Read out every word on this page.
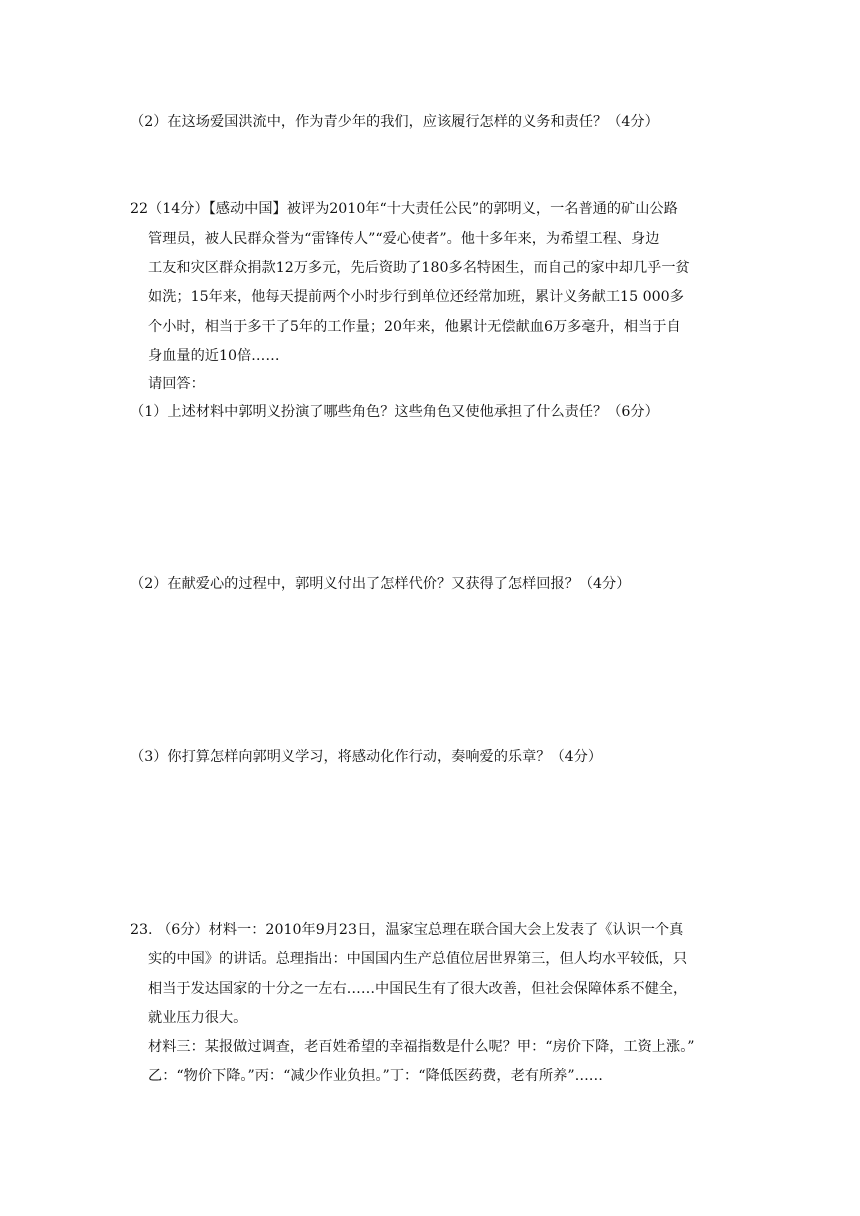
（2）在这场爱国洪流中，作为青少年的我们，应该履行怎样的义务和责任？（4分）
22（14分）【感动中国】被评为2010年“十大责任公民”的郭明义，一名普通的矿山公路
管理员，被人民群众誉为“雷锋传人”“爱心使者”。他十多年来，为希望工程、身边
工友和灾区群众捐款12万多元，先后资助了180多名特困生，而自己的家中却几乎一贫
如洗；15年来，他每天提前两个小时步行到单位还经常加班，累计义务献工15 000多
个小时，相当于多干了5年的工作量；20年来，他累计无偿献血6万多毫升，相当于自
身血量的近10倍……
请回答：
（1）上述材料中郭明义扮演了哪些角色？这些角色又使他承担了什么责任？（6分）
（2）在献爱心的过程中，郭明义付出了怎样代价？又获得了怎样回报？（4分）
（3）你打算怎样向郭明义学习，将感动化作行动，奏响爱的乐章？（4分）
23. （6分）材料一：2010年9月23日，温家宝总理在联合国大会上发表了《认识一个真
实的中国》的讲话。总理指出：中国国内生产总值位居世界第三，但人均水平较低，只
相当于发达国家的十分之一左右……中国民生有了很大改善，但社会保障体系不健全，
就业压力很大。
材料三：某报做过调查，老百姓希望的幸福指数是什么呢？甲：“房价下降，工资上涨。”
乙：“物价下降。”丙：“减少作业负担。”丁：“降低医药费，老有所养”……
